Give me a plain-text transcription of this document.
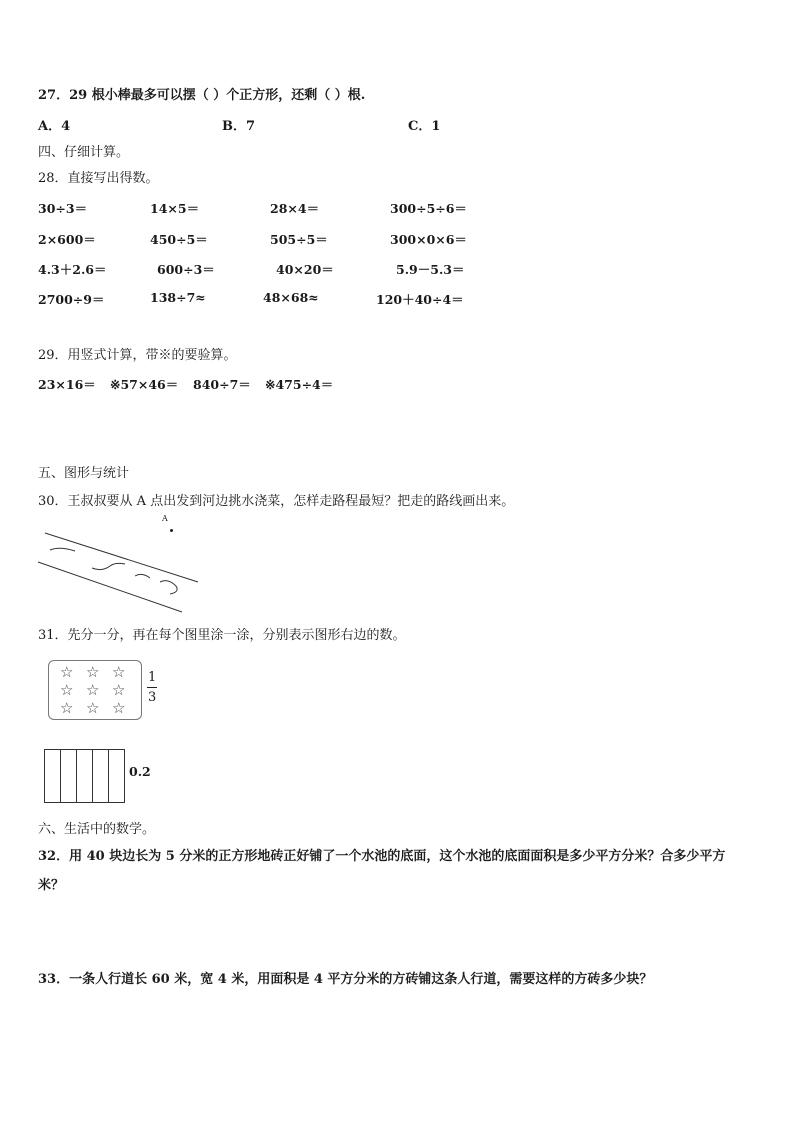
27．29 根小棒最多可以摆（ ）个正方形，还剩（ ）根.
A．4	B．7	C．1
四、仔细计算。
28．直接写出得数。
30÷3＝	14×5＝	28×4＝	300÷5÷6＝
2×600＝	450÷5＝	505÷5＝	300×0×6＝
4.3＋2.6＝	600÷3＝	40×20＝	5.9－5.3＝
2700÷9＝	138÷7≈	48×68≈	120＋40÷4＝
29．用竖式计算，带※的要验算。
23×16＝ ※57×46＝ 840÷7＝ ※475÷4＝
五、图形与统计
30．王叔叔要从 A 点出发到河边挑水浇菜，怎样走路程最短？把走的路线画出来。
A
31．先分一分，再在每个图里涂一涂，分别表示图形右边的数。
☆ ☆ ☆
☆ ☆ ☆
☆ ☆ ☆
1
3
0.2
六、生活中的数学。
32．用 40 块边长为 5 分米的正方形地砖正好铺了一个水池的底面，这个水池的底面面积是多少平方分米？合多少平方
米？
33．一条人行道长 60 米，宽 4 米，用面积是 4 平方分米的方砖铺这条人行道，需要这样的方砖多少块？
